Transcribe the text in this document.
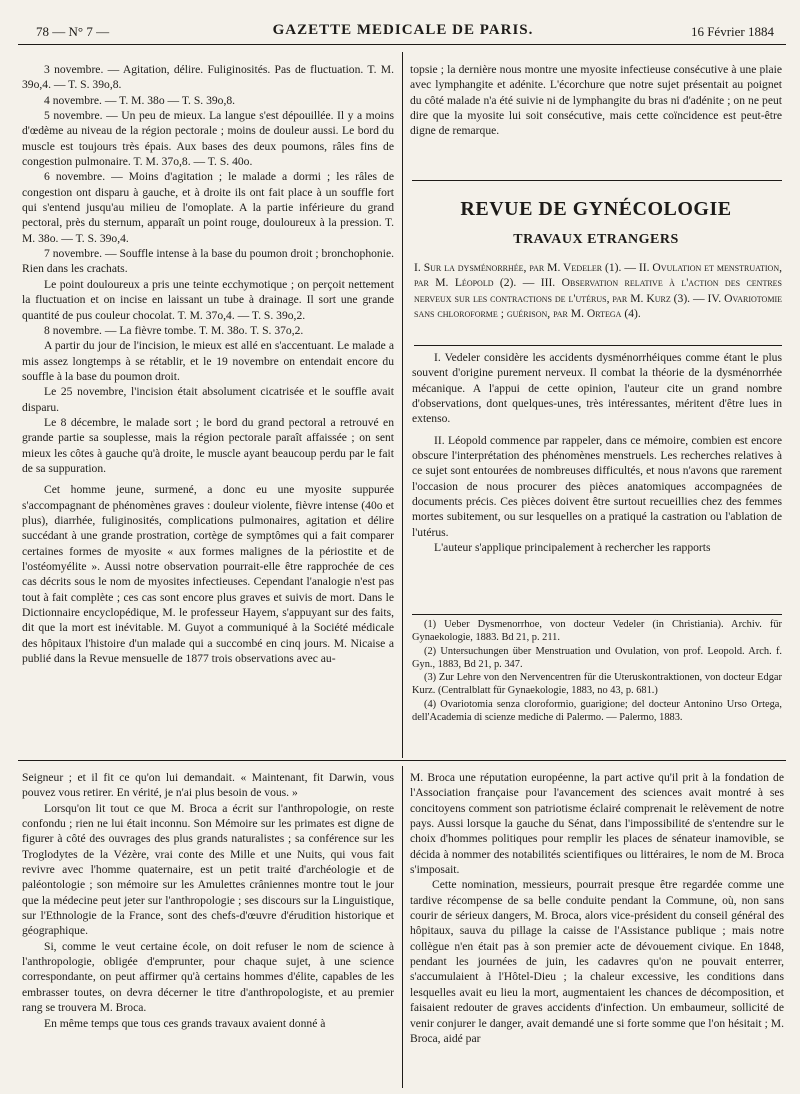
78 — N° 7 —	GAZETTE MEDICALE DE PARIS.	16 Février 1884

3 novembre. — Agitation, délire. Fuliginosités. Pas de fluctuation. T. M. 39o,4. — T. S. 39o,8.

4 novembre. — T. M. 38o — T. S. 39o,8.

5 novembre. — Un peu de mieux. La langue s'est dépouillée. Il y a moins d'œdème au niveau de la région pectorale ; moins de douleur aussi. Le bord du muscle est toujours très épais. Aux bases des deux poumons, râles fins de congestion pulmonaire. T. M. 37o,8. — T. S. 40o.

6 novembre. — Moins d'agitation ; le malade a dormi ; les râles de congestion ont disparu à gauche, et à droite ils ont fait place à un souffle fort qui s'entend jusqu'au milieu de l'omoplate. A la partie inférieure du grand pectoral, près du sternum, apparaît un point rouge, douloureux à la pression. T. M. 38o. — T. S. 39o,4.

7 novembre. — Souffle intense à la base du poumon droit ; bronchophonie. Rien dans les crachats.

Le point douloureux a pris une teinte ecchymotique ; on perçoit nettement la fluctuation et on incise en laissant un tube à drainage. Il sort une grande quantité de pus couleur chocolat. T. M. 37o,4. — T. S. 39o,2.

8 novembre. — La fièvre tombe. T. M. 38o. T. S. 37o,2.

A partir du jour de l'incision, le mieux est allé en s'accentuant. Le malade a mis assez longtemps à se rétablir, et le 19 novembre on entendait encore du souffle à la base du poumon droit.

Le 25 novembre, l'incision était absolument cicatrisée et le souffle avait disparu.

Le 8 décembre, le malade sort ; le bord du grand pectoral a retrouvé en grande partie sa souplesse, mais la région pectorale paraît affaissée ; on sent mieux les côtes à gauche qu'à droite, le muscle ayant beaucoup perdu par le fait de sa suppuration.

Cet homme jeune, surmené, a donc eu une myosite suppurée s'accompagnant de phénomènes graves : douleur violente, fièvre intense (40o et plus), diarrhée, fuliginosités, complications pulmonaires, agitation et délire succédant à une grande prostration, cortège de symptômes qui a fait comparer certaines formes de myosite « aux formes malignes de la périostite et de l'ostéomyélite ». Aussi notre observation pourrait-elle être rapprochée de ces cas décrits sous le nom de myosites infectieuses. Cependant l'analogie n'est pas tout à fait complète ; ces cas sont encore plus graves et suivis de mort. Dans le Dictionnaire encyclopédique, M. le professeur Hayem, s'appuyant sur des faits, dit que la mort est inévitable. M. Guyot a communiqué à la Société médicale des hôpitaux l'histoire d'un malade qui a succombé en cinq jours. M. Nicaise a publié dans la Revue mensuelle de 1877 trois observations avec au-

topsie ; la dernière nous montre une myosite infectieuse consécutive à une plaie avec lymphangite et adénite. L'écorchure que notre sujet présentait au poignet du côté malade n'a été suivie ni de lymphangite du bras ni d'adénite ; on ne peut dire que la myosite lui soit consécutive, mais cette coïncidence est peut-être digne de remarque.

REVUE DE GYNÉCOLOGIE
TRAVAUX ETRANGERS

I. Sur la dysménorrhée, par M. Vedeler (1). — II. Ovulation et menstruation, par M. Léopold (2). — III. Observation relative à l'action des centres nerveux sur les contractions de l'utérus, par M. Kurz (3). — IV. Ovariotomie sans chloroforme ; guérison, par M. Ortega (4).

I. Vedeler considère les accidents dysménorrhéiques comme étant le plus souvent d'origine purement nerveux. Il combat la théorie de la dysménorrhée mécanique. A l'appui de cette opinion, l'auteur cite un grand nombre d'observations, dont quelques-unes, très intéressantes, méritent d'être lues in extenso.

II. Léopold commence par rappeler, dans ce mémoire, combien est encore obscure l'interprétation des phénomènes menstruels. Les recherches relatives à ce sujet sont entourées de nombreuses difficultés, et nous n'avons que rarement l'occasion de nous procurer des pièces anatomiques accompagnées de documents précis. Ces pièces doivent être surtout recueillies chez des femmes mortes subitement, ou sur lesquelles on a pratiqué la castration ou l'ablation de l'utérus.

L'auteur s'applique principalement à rechercher les rapports

(1) Ueber Dysmenorrhoe, von docteur Vedeler (in Christiania). Archiv. für Gynaekologie, 1883. Bd 21, p. 211.

(2) Untersuchungen über Menstruation und Ovulation, von prof. Leopold. Arch. f. Gyn., 1883, Bd 21, p. 347.

(3) Zur Lehre von den Nervencentren für die Uteruskontraktionen, von docteur Edgar Kurz. (Centralblatt für Gynaekologie, 1883, no 43, p. 681.)

(4) Ovariotomia senza cloroformio, guarigione; del docteur Antonino Urso Ortega, dell'Academia di scienze mediche di Palermo. — Palermo, 1883.

Seigneur ; et il fit ce qu'on lui demandait. « Maintenant, fit Darwin, vous pouvez vous retirer. En vérité, je n'ai plus besoin de vous. »

Lorsqu'on lit tout ce que M. Broca a écrit sur l'anthropologie, on reste confondu ; rien ne lui était inconnu. Son Mémoire sur les primates est digne de figurer à côté des ouvrages des plus grands naturalistes ; sa conférence sur les Troglodytes de la Vézère, vrai conte des Mille et une Nuits, qui vous fait revivre avec l'homme quaternaire, est un petit traité d'archéologie et de paléontologie ; son mémoire sur les Amulettes crâniennes montre tout le jour que la médecine peut jeter sur l'anthropologie ; ses discours sur la Linguistique, sur l'Ethnologie de la France, sont des chefs-d'œuvre d'érudition historique et géographique.

Si, comme le veut certaine école, on doit refuser le nom de science à l'anthropologie, obligée d'emprunter, pour chaque sujet, à une science correspondante, on peut affirmer qu'à certains hommes d'élite, capables de les embrasser toutes, on devra décerner le titre d'anthropologiste, et au premier rang se trouvera M. Broca.

En même temps que tous ces grands travaux avaient donné à

M. Broca une réputation européenne, la part active qu'il prit à la fondation de l'Association française pour l'avancement des sciences avait montré à ses concitoyens comment son patriotisme éclairé comprenait le relèvement de notre pays. Aussi lorsque la gauche du Sénat, dans l'impossibilité de s'entendre sur le choix d'hommes politiques pour remplir les places de sénateur inamovible, se décida à nommer des notabilités scientifiques ou littéraires, le nom de M. Broca s'imposait.

Cette nomination, messieurs, pourrait presque être regardée comme une tardive récompense de sa belle conduite pendant la Commune, où, non sans courir de sérieux dangers, M. Broca, alors vice-président du conseil général des hôpitaux, sauva du pillage la caisse de l'Assistance publique ; mais notre collègue n'en était pas à son premier acte de dévouement civique. En 1848, pendant les journées de juin, les cadavres qu'on ne pouvait enterrer, s'accumulaient à l'Hôtel-Dieu ; la chaleur excessive, les conditions dans lesquelles avait eu lieu la mort, augmentaient les chances de décomposition, et faisaient redouter de graves accidents d'infection. Un embaumeur, sollicité de venir conjurer le danger, avait demandé une si forte somme que l'on hésitait ; M. Broca, aidé par
